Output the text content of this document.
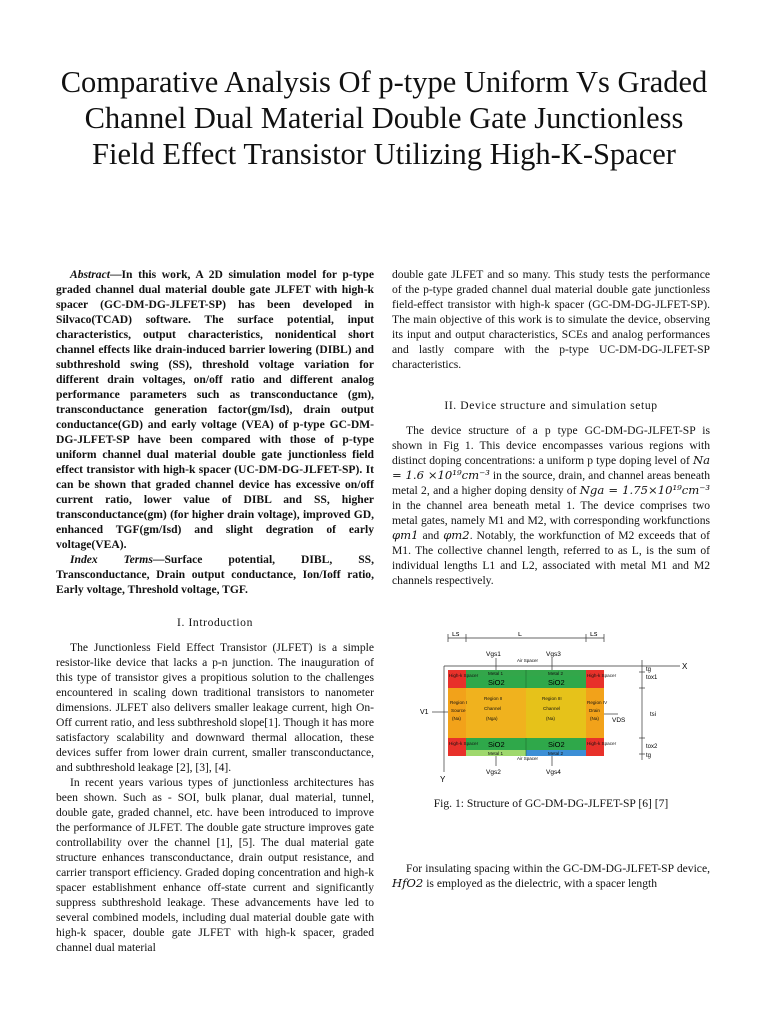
Comparative Analysis Of p-type Uniform Vs Graded Channel Dual Material Double Gate Junctionless Field Effect Transistor Utilizing High-K-Spacer

Abstract—In this work, A 2D simulation model for p-type graded channel dual material double gate JLFET with high-k spacer (GC-DM-DG-JLFET-SP) has been developed in Silvaco(TCAD) software. The surface potential, input characteristics, output characteristics, nonidentical short channel effects like drain-induced barrier lowering (DIBL) and subthreshold swing (SS), threshold voltage variation for different drain voltages, on/off ratio and different analog performance parameters such as transconductance (gm), transconductance generation factor(gm/Isd), drain output conductance(GD) and early voltage (VEA) of p-type GC-DM-DG-JLFET-SP have been compared with those of p-type uniform channel dual material double gate junctionless field effect transistor with high-k spacer (UC-DM-DG-JLFET-SP). It can be shown that graded channel device has excessive on/off current ratio, lower value of DIBL and SS, higher transconductance(gm) (for higher drain voltage), improved GD, enhanced TGF(gm/Isd) and slight degration of early voltage(VEA).

Index Terms—Surface potential, DIBL, SS, Transconductance, Drain output conductance, Ion/Ioff ratio, Early voltage, Threshold voltage, TGF.

I. Introduction

The Junctionless Field Effect Transistor (JLFET) is a simple resistor-like device that lacks a p-n junction. The inauguration of this type of transistor gives a propitious solution to the challenges encountered in scaling down traditional transistors to nanometer dimensions. JLFET also delivers smaller leakage current, high On-Off current ratio, and less subthreshold slope[1]. Though it has more satisfactory scalability and downward thermal allocation, these devices suffer from lower drain current, smaller transconductance, and subthreshold leakage [2], [3], [4].

In recent years various types of junctionless architectures has been shown. Such as - SOI, bulk planar, dual material, tunnel, double gate, graded channel, etc. have been introduced to improve the performance of JLFET. The double gate structure improves gate controllability over the channel [1], [5]. The dual material gate structure enhances transconductance, drain output resistance, and carrier transport efficiency. Graded doping concentration and high-k spacer establishment enhance off-state current and significantly suppress subthreshold leakage. These advancements have led to several combined models, including dual material double gate with high-k spacer, double gate JLFET with high-k spacer, graded channel dual material

double gate JLFET and so many. This study tests the performance of the p-type graded channel dual material double gate junctionless field-effect transistor with high-k spacer (GC-DM-DG-JLFET-SP). The main objective of this work is to simulate the device, observing its input and output characteristics, SCEs and analog performances and lastly compare with the p-type UC-DM-DG-JLFET-SP characteristics.

II. Device structure and simulation setup

The device structure of a p type GC-DM-DG-JLFET-SP is shown in Fig 1. This device encompasses various regions with distinct doping concentrations: a uniform p type doping level of Na = 1.6 ×10¹⁹cm⁻³ in the source, drain, and channel areas beneath metal 2, and a higher doping density of Nga = 1.75×10¹⁹cm⁻³ in the channel area beneath metal 1. The device comprises two metal gates, namely M1 and M2, with corresponding workfunctions φm1 and φm2. Notably, the workfunction of M2 exceeds that of M1. The collective channel length, referred to as L, is the sum of individual lengths L1 and L2, associated with metal M1 and M2 channels respectively.

Ls	L	Ls
Vgs1	Vgs3
Air Spacer
X
Y
High-k Spacer	High-k Spacer
High-k Spacer	High-k Spacer
Metal 1	Metal 2
Metal 1	Metal 2
Region I
Source
(Na)
Region II
Channel
(Nga)
Region III
Channel
(Na)
Region IV
Drain
(Na)
SiO2	SiO2
SiO2	SiO2
Air Spacer
V1
VDS
tg
tox1
tsi
tox2
tg
Vgs2	Vgs4
Fig. 1: Structure of GC-DM-DG-JLFET-SP [6] [7]

For insulating spacing within the GC-DM-DG-JLFET-SP device, HfO2 is employed as the dielectric, with a spacer length
